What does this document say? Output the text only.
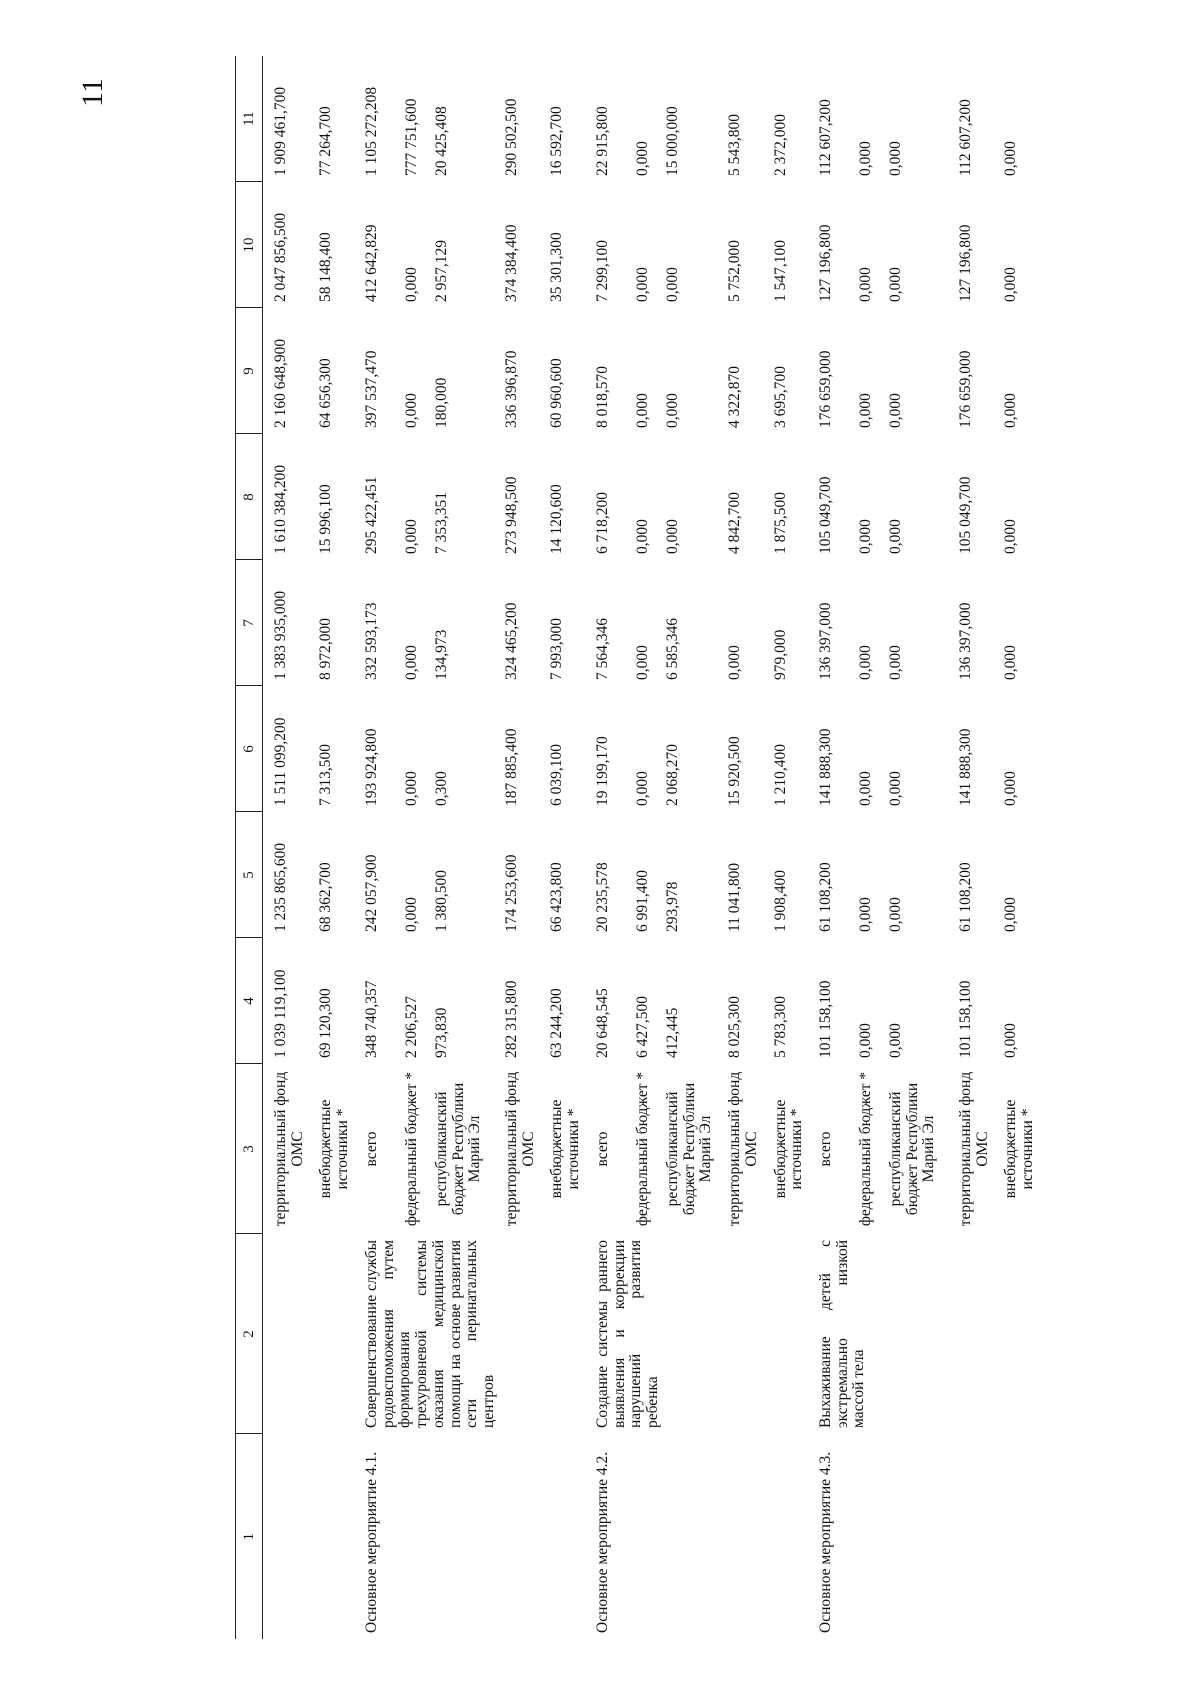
11
1	2	3	4	5	6	7	8	9	10	11
		территориальный фонд ОМС	1 039 119,100	1 235 865,600	1 511 099,200	1 383 935,000	1 610 384,200	2 160 648,900	2 047 856,500	1 909 461,700
		внебюджетные источники *	69 120,300	68 362,700	7 313,500	8 972,000	15 996,100	64 656,300	58 148,400	77 264,700
Основное мероприятие 4.1.	Совершенствование службы родовспоможения путем формирования трехуровневой системы оказания медицинской помощи на основе развития сети перинатальных центров	всего	348 740,357	242 057,900	193 924,800	332 593,173	295 422,451	397 537,470	412 642,829	1 105 272,208
		федеральный бюджет *	2 206,527	0,000	0,000	0,000	0,000	0,000	0,000	777 751,600
		республиканский бюджет Республики Марий Эл	973,830	1 380,500	0,300	134,973	7 353,351	180,000	2 957,129	20 425,408
		территориальный фонд ОМС	282 315,800	174 253,600	187 885,400	324 465,200	273 948,500	336 396,870	374 384,400	290 502,500
		внебюджетные источники *	63 244,200	66 423,800	6 039,100	7 993,000	14 120,600	60 960,600	35 301,300	16 592,700
Основное мероприятие 4.2.	Создание системы раннего выявления и коррекции нарушений развития ребенка	всего	20 648,545	20 235,578	19 199,170	7 564,346	6 718,200	8 018,570	7 299,100	22 915,800
		федеральный бюджет *	6 427,500	6 991,400	0,000	0,000	0,000	0,000	0,000	0,000
		республиканский бюджет Республики Марий Эл	412,445	293,978	2 068,270	6 585,346	0,000	0,000	0,000	15 000,000
		территориальный фонд ОМС	8 025,300	11 041,800	15 920,500	0,000	4 842,700	4 322,870	5 752,000	5 543,800
		внебюджетные источники *	5 783,300	1 908,400	1 210,400	979,000	1 875,500	3 695,700	1 547,100	2 372,000
Основное мероприятие 4.3.	Выхаживание детей с экстремально низкой массой тела	всего	101 158,100	61 108,200	141 888,300	136 397,000	105 049,700	176 659,000	127 196,800	112 607,200
		федеральный бюджет *	0,000	0,000	0,000	0,000	0,000	0,000	0,000	0,000
		республиканский бюджет Республики Марий Эл	0,000	0,000	0,000	0,000	0,000	0,000	0,000	0,000
		территориальный фонд ОМС	101 158,100	61 108,200	141 888,300	136 397,000	105 049,700	176 659,000	127 196,800	112 607,200
		внебюджетные источники *	0,000	0,000	0,000	0,000	0,000	0,000	0,000	0,000
